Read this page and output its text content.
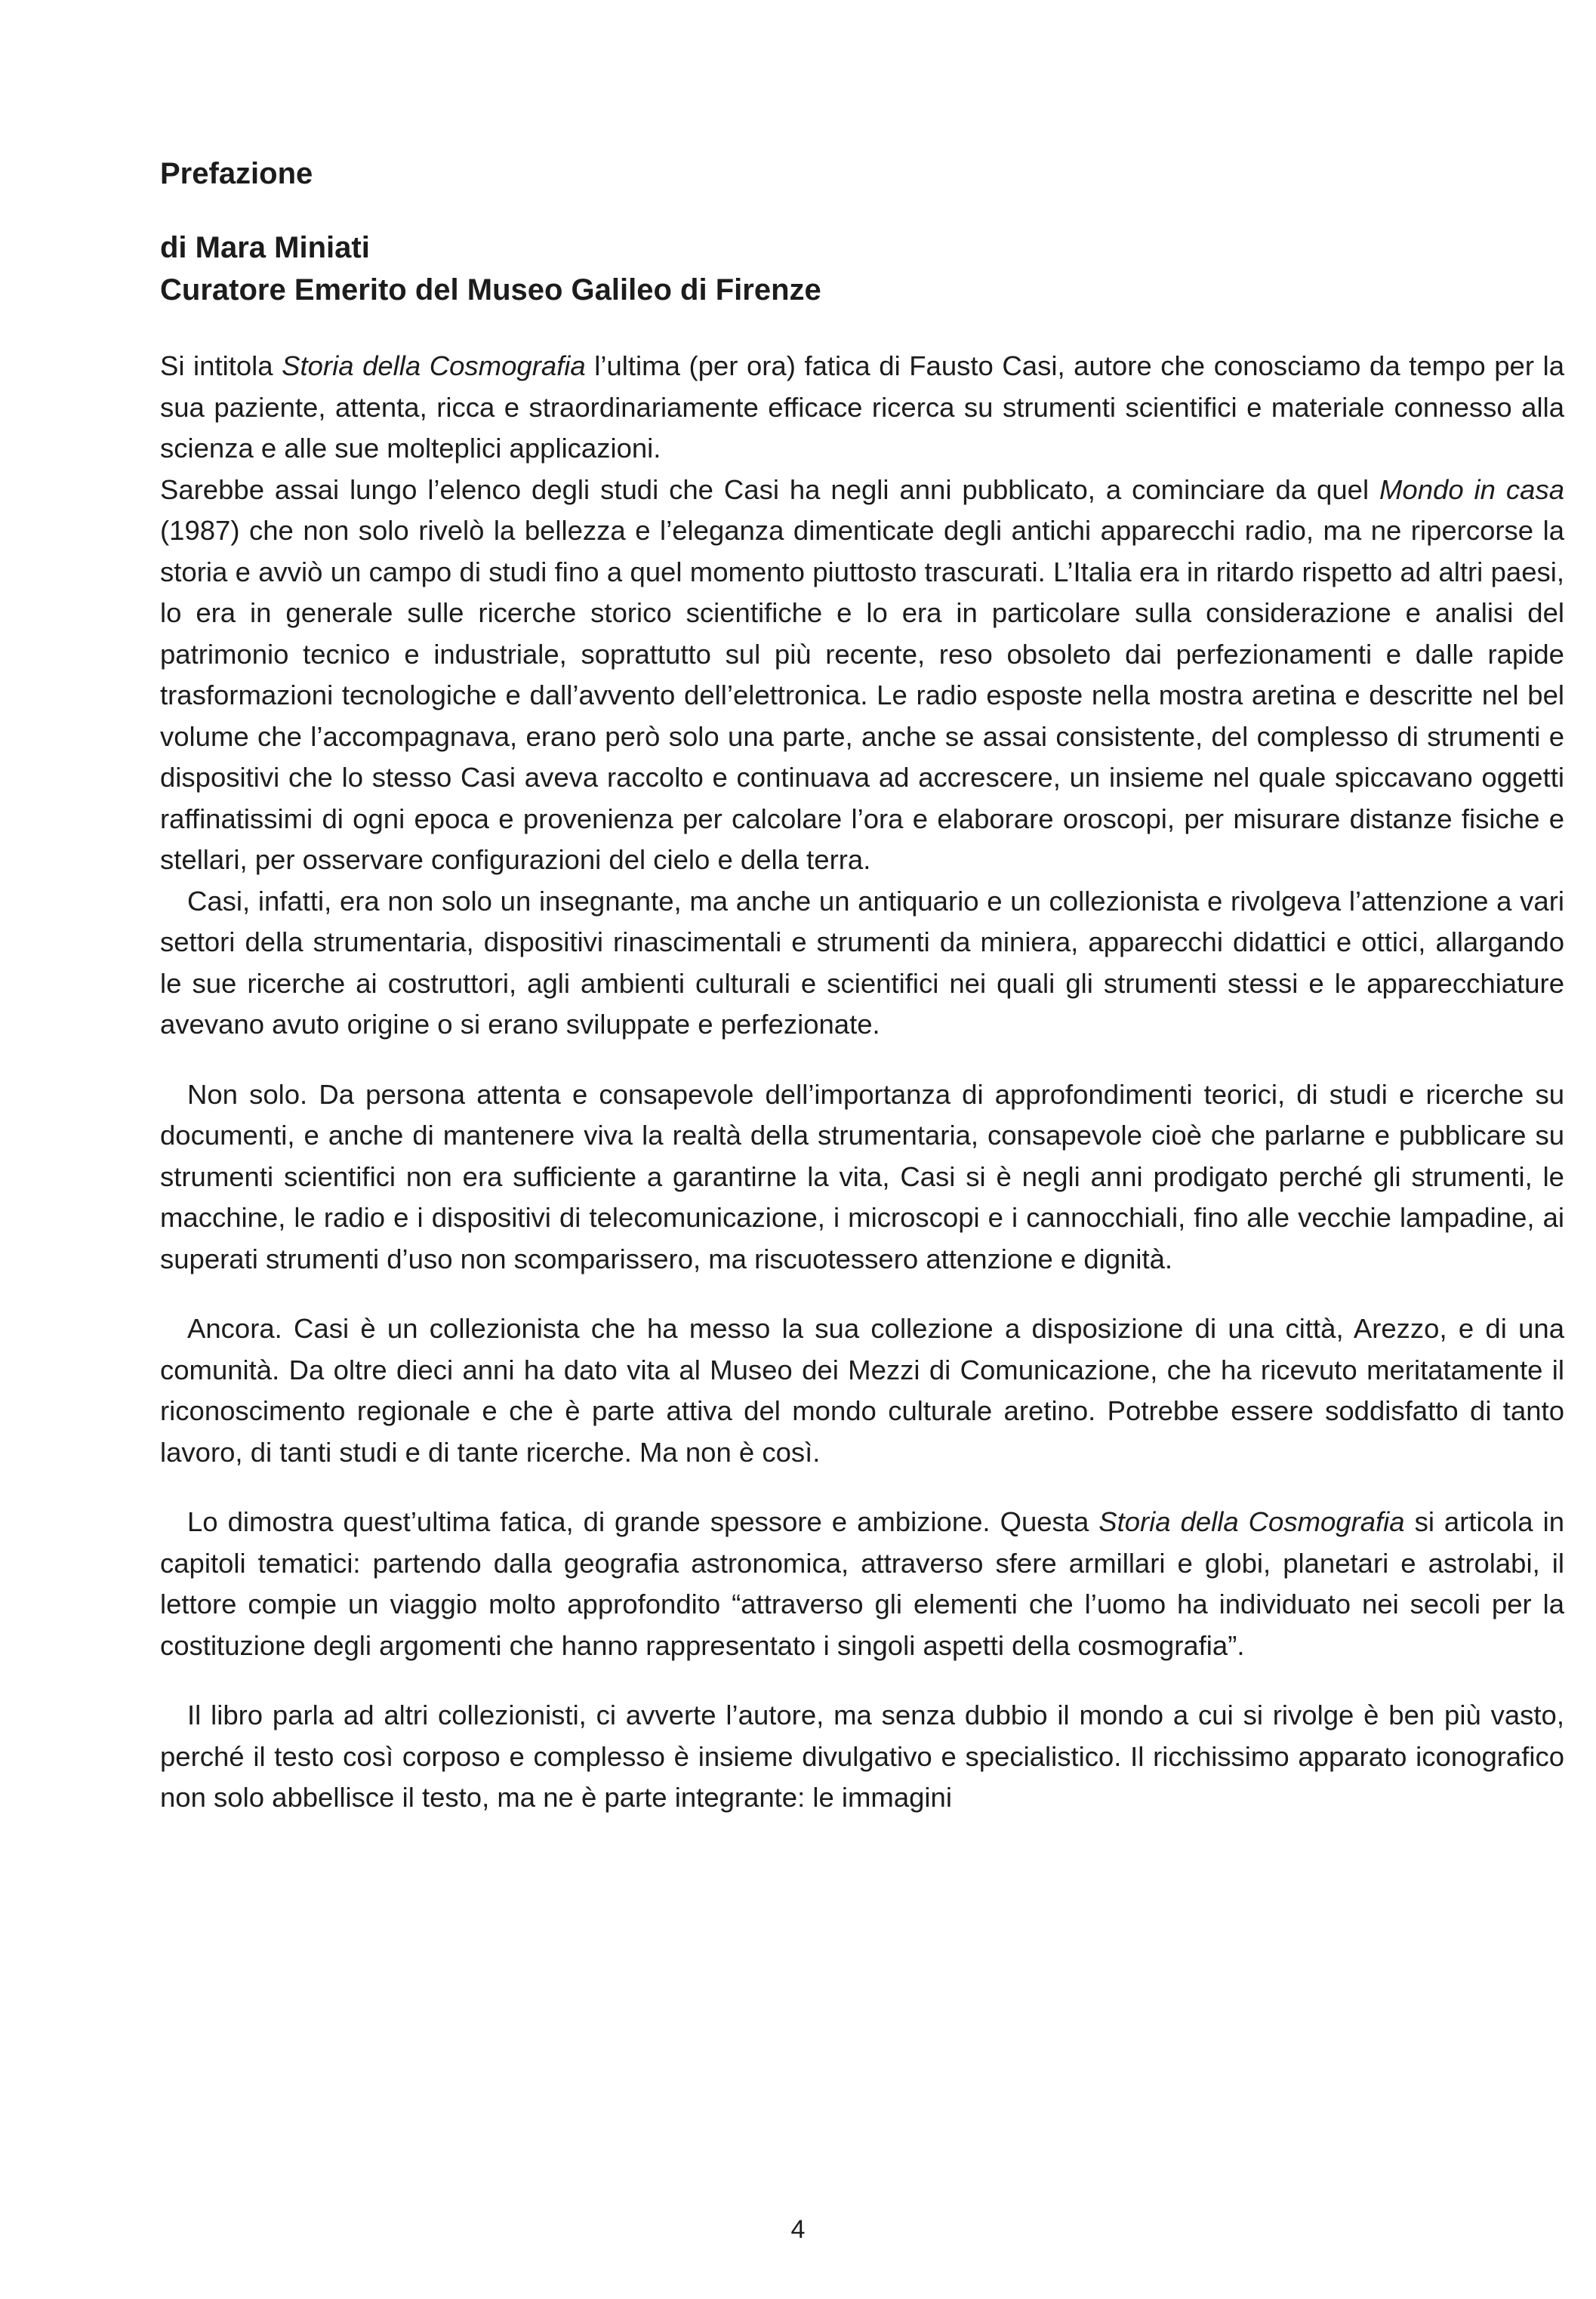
Prefazione
di Mara Miniati
Curatore Emerito del Museo Galileo di Firenze

Si intitola Storia della Cosmografia l’ultima (per ora) fatica di Fausto Casi, autore che conosciamo da tempo per la sua paziente, attenta, ricca e straordinariamente efficace ricerca su strumenti scientifici e materiale connesso alla scienza e alle sue molteplici applicazioni.

Sarebbe assai lungo l’elenco degli studi che Casi ha negli anni pubblicato, a cominciare da quel Mondo in casa (1987) che non solo rivelò la bellezza e l’eleganza dimenticate degli antichi apparecchi radio, ma ne ripercorse la storia e avviò un campo di studi fino a quel momento piuttosto trascurati. L’Italia era in ritardo rispetto ad altri paesi, lo era in generale sulle ricerche storico scientifiche e lo era in particolare sulla considerazione e analisi del patrimonio tecnico e industriale, soprattutto sul più recente, reso obsoleto dai perfezionamenti e dalle rapide trasformazioni tecnologiche e dall’avvento dell’elettronica. Le radio esposte nella mostra aretina e descritte nel bel volume che l’accompagnava, erano però solo una parte, anche se assai consistente, del complesso di strumenti e dispositivi che lo stesso Casi aveva raccolto e continuava ad accrescere, un insieme nel quale spiccavano oggetti raffinatissimi di ogni epoca e provenienza per calcolare l’ora e elaborare oroscopi, per misurare distanze fisiche e stellari, per osservare configurazioni del cielo e della terra.

Casi, infatti, era non solo un insegnante, ma anche un antiquario e un collezionista e rivolgeva l’attenzione a vari settori della strumentaria, dispositivi rinascimentali e strumenti da miniera, apparecchi didattici e ottici, allargando le sue ricerche ai costruttori, agli ambienti culturali e scientifici nei quali gli strumenti stessi e le apparecchiature avevano avuto origine o si erano sviluppate e perfezionate.

Non solo. Da persona attenta e consapevole dell’importanza di approfondimenti teorici, di studi e ricerche su documenti, e anche di mantenere viva la realtà della strumentaria, consapevole cioè che parlarne e pubblicare su strumenti scientifici non era sufficiente a garantirne la vita, Casi si è negli anni prodigato perché gli strumenti, le macchine, le radio e i dispositivi di telecomunicazione, i microscopi e i cannocchiali, fino alle vecchie lampadine, ai superati strumenti d’uso non scomparissero, ma riscuotessero attenzione e dignità.

Ancora. Casi è un collezionista che ha messo la sua collezione a disposizione di una città, Arezzo, e di una comunità. Da oltre dieci anni ha dato vita al Museo dei Mezzi di Comunicazione, che ha ricevuto meritatamente il riconoscimento regionale e che è parte attiva del mondo culturale aretino. Potrebbe essere soddisfatto di tanto lavoro, di tanti studi e di tante ricerche. Ma non è così.

Lo dimostra quest’ultima fatica, di grande spessore e ambizione. Questa Storia della Cosmografia si articola in capitoli tematici: partendo dalla geografia astronomica, attraverso sfere armillari e globi, planetari e astrolabi, il lettore compie un viaggio molto approfondito “attraverso gli elementi che l’uomo ha individuato nei secoli per la costituzione degli argomenti che hanno rappresentato i singoli aspetti della cosmografia”.

Il libro parla ad altri collezionisti, ci avverte l’autore, ma senza dubbio il mondo a cui si rivolge è ben più vasto, perché il testo così corposo e complesso è insieme divulgativo e specialistico. Il ricchissimo apparato iconografico non solo abbellisce il testo, ma ne è parte integrante: le immagini

4
